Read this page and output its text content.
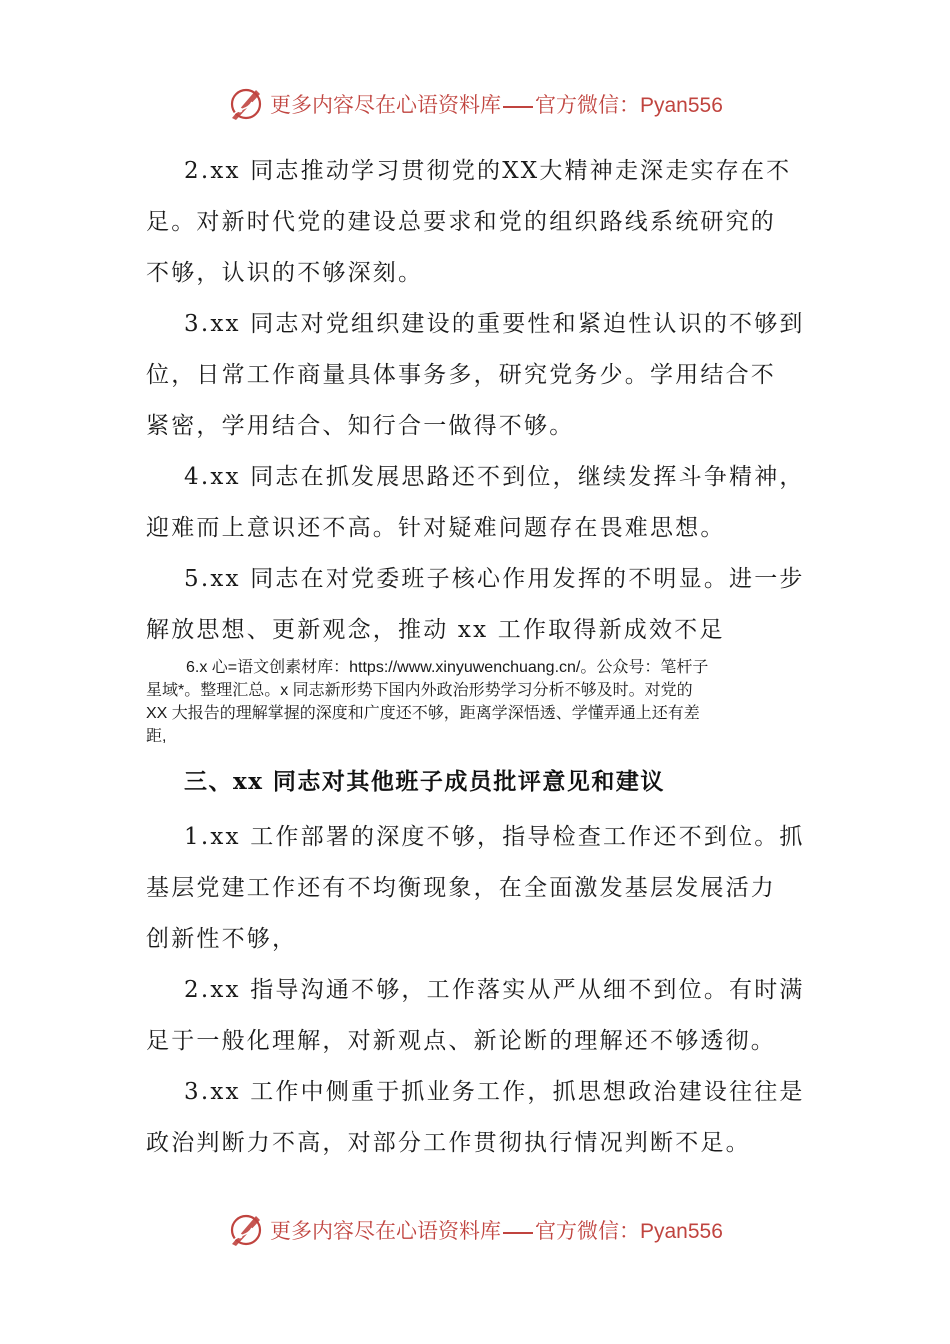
更多内容尽在心语资料库 官方微信：Pyan556
2.xx 同志推动学习贯彻党的XX大精神走深走实存在不
足。对新时代党的建设总要求和党的组织路线系统研究的
不够，认识的不够深刻。
3.xx 同志对党组织建设的重要性和紧迫性认识的不够到
位，日常工作商量具体事务多，研究党务少。学用结合不
紧密，学用结合、知行合一做得不够。
4.xx 同志在抓发展思路还不到位，继续发挥斗争精神，
迎难而上意识还不高。针对疑难问题存在畏难思想。
5.xx 同志在对党委班子核心作用发挥的不明显。进一步
解放思想、更新观念，推动 xx 工作取得新成效不足
6.x 心=语文创素材库：https://www.xinyuwenchuang.cn/。公众号：笔杆子
星域*。整理汇总。x 同志新形势下国内外政治形势学习分析不够及时。对党的
XX 大报告的理解掌握的深度和广度还不够，距离学深悟透、学懂弄通上还有差
距,
三、xx 同志对其他班子成员批评意见和建议
1.xx 工作部署的深度不够，指导检查工作还不到位。抓
基层党建工作还有不均衡现象，在全面激发基层发展活力
创新性不够，
2.xx 指导沟通不够，工作落实从严从细不到位。有时满
足于一般化理解，对新观点、新论断的理解还不够透彻。
3.xx 工作中侧重于抓业务工作，抓思想政治建设往往是
政治判断力不高，对部分工作贯彻执行情况判断不足。
更多内容尽在心语资料库 官方微信：Pyan556
